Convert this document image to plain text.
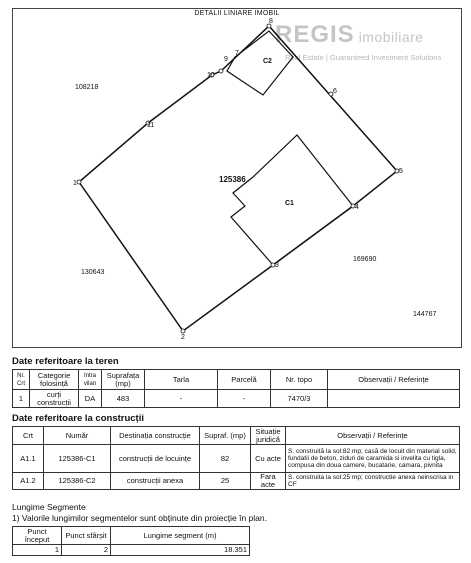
DETALII LINIARE IMOBIL
REGIS imobiliare
Real Estate | Guaranteed Investment Solutions
1
2
3
4
5
6
7
8
9
10
11
125386
C1
C2
108218
130643
169690
144767
Date referitoare la teren
Nr. Crt	Categorie folosință	Intra vilan	Suprafața (mp)	Tarla	Parcelă	Nr. topo	Observații / Referințe
1	curți construcții	DA	483	-	-	7470/3	
Date referitoare la construcții
Crt	Număr	Destinația construcție	Supraf. (mp)	Situație juridică	Observații / Referințe
A1.1	125386-C1	construcții de locuințe	82	Cu acte	S. construită la sol:82 mp; casă de locuit din material solid, fundatii de beton, ziduri de caramida si invelita cu tigla, compusa din doua camere, bucatarie, camara, pivnita
A1.2	125386-C2	construcții anexa	25	Fara acte	S. construita la sol:25 mp; constructie anexa neinscrisa in CF
Lungime Segmente
1) Valorile lungimilor segmentelor sunt obținute din proiecție în plan.
Punct început	Punct sfârșit	Lungime segment (m)
1	2	18.351
